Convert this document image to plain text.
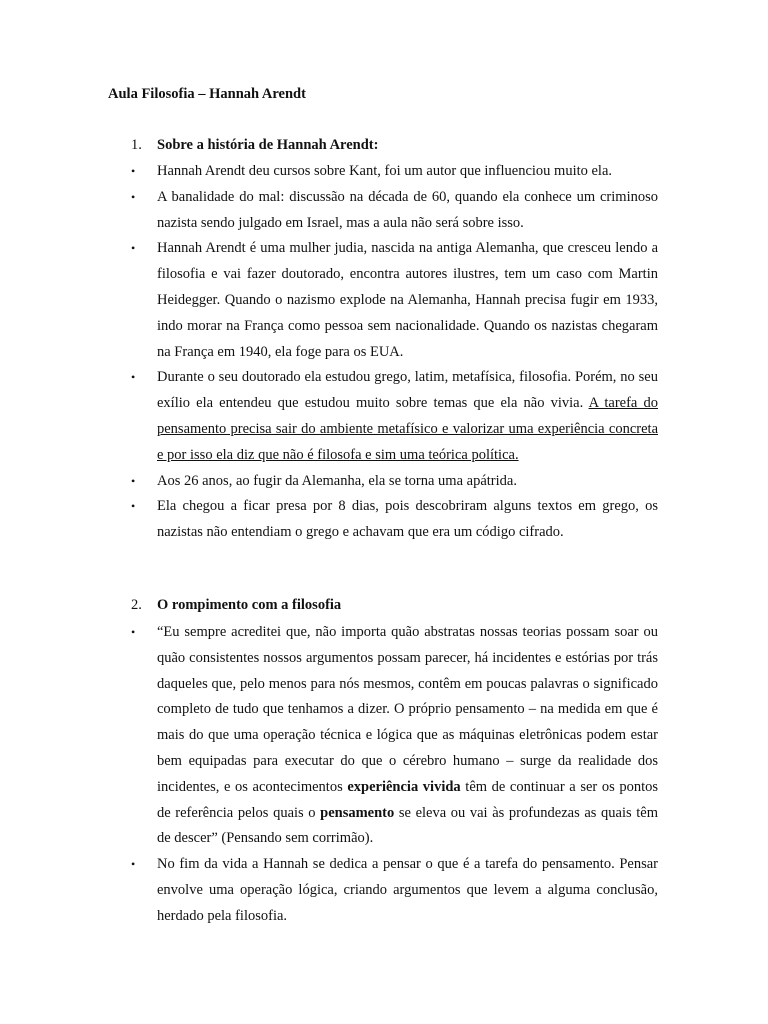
Aula Filosofia – Hannah Arendt
1. Sobre a história de Hannah Arendt:
•	Hannah Arendt deu cursos sobre Kant, foi um autor que influenciou muito ela.
•	A banalidade do mal: discussão na década de 60, quando ela conhece um criminoso nazista sendo julgado em Israel, mas a aula não será sobre isso.
•	Hannah Arendt é uma mulher judia, nascida na antiga Alemanha, que cresceu lendo a filosofia e vai fazer doutorado, encontra autores ilustres, tem um caso com Martin Heidegger. Quando o nazismo explode na Alemanha, Hannah precisa fugir em 1933, indo morar na França como pessoa sem nacionalidade. Quando os nazistas chegaram na França em 1940, ela foge para os EUA.
•	Durante o seu doutorado ela estudou grego, latim, metafísica, filosofia. Porém, no seu exílio ela entendeu que estudou muito sobre temas que ela não vivia. A tarefa do pensamento precisa sair do ambiente metafísico e valorizar uma experiência concreta e por isso ela diz que não é filosofa e sim uma teórica política.
•	Aos 26 anos, ao fugir da Alemanha, ela se torna uma apátrida.
•	Ela chegou a ficar presa por 8 dias, pois descobriram alguns textos em grego, os nazistas não entendiam o grego e achavam que era um código cifrado.
2. O rompimento com a filosofia
•	“Eu sempre acreditei que, não importa quão abstratas nossas teorias possam soar ou quão consistentes nossos argumentos possam parecer, há incidentes e estórias por trás daqueles que, pelo menos para nós mesmos, contêm em poucas palavras o significado completo de tudo que tenhamos a dizer. O próprio pensamento – na medida em que é mais do que uma operação técnica e lógica que as máquinas eletrônicas podem estar bem equipadas para executar do que o cérebro humano – surge da realidade dos incidentes, e os acontecimentos experiência vivida têm de continuar a ser os pontos de referência pelos quais o pensamento se eleva ou vai às profundezas as quais têm de descer” (Pensando sem corrimão).
•	No fim da vida a Hannah se dedica a pensar o que é a tarefa do pensamento. Pensar envolve uma operação lógica, criando argumentos que levem a alguma conclusão, herdado pela filosofia.
